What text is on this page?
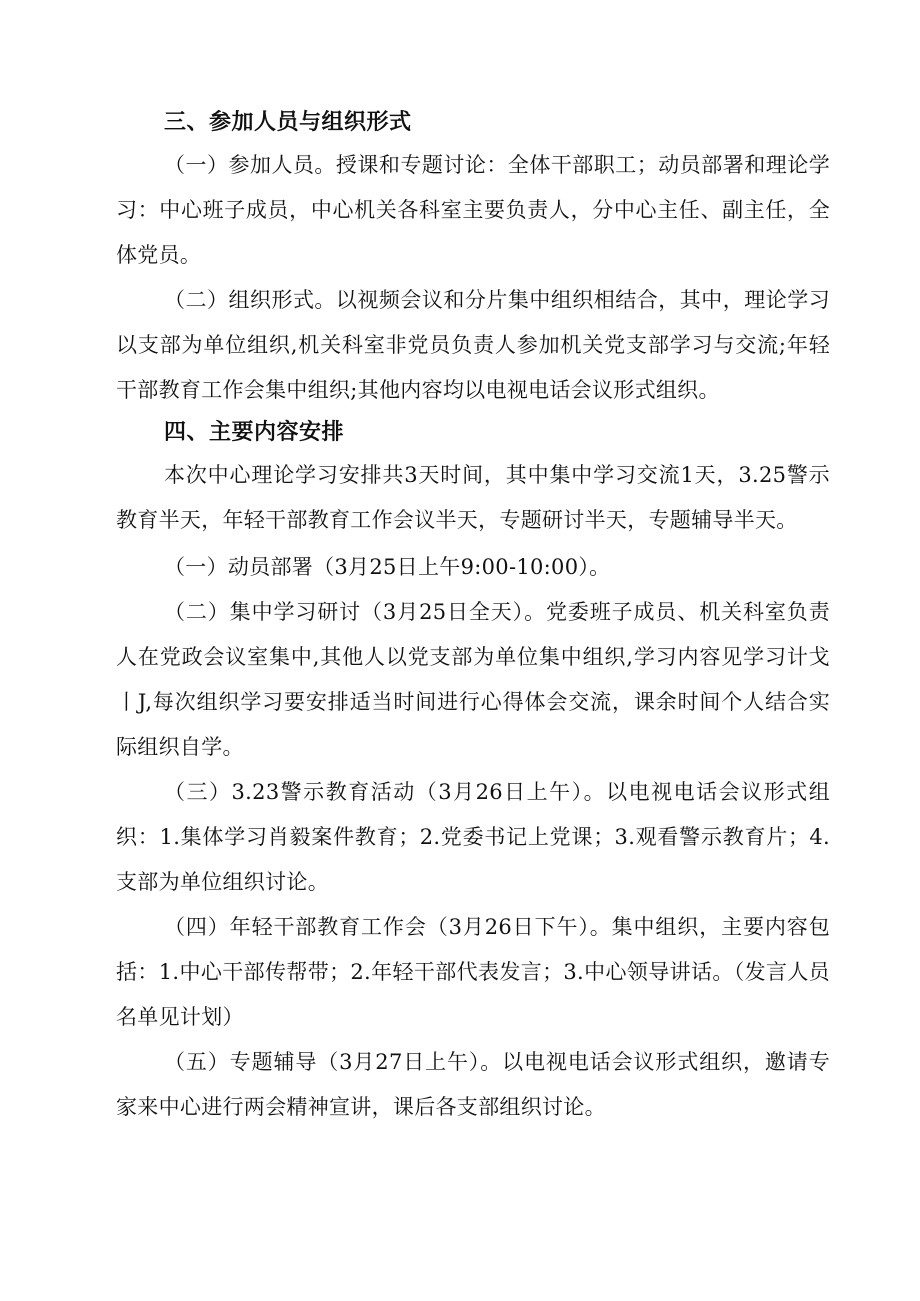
三、参加人员与组织形式

（一）参加人员。授课和专题讨论：全体干部职工；动员部署和理论学习：中心班子成员，中心机关各科室主要负责人，分中心主任、副主任，全体党员。

（二）组织形式。以视频会议和分片集中组织相结合，其中，理论学习以支部为单位组织,机关科室非党员负责人参加机关党支部学习与交流;年轻干部教育工作会集中组织;其他内容均以电视电话会议形式组织。

四、主要内容安排

本次中心理论学习安排共3天时间，其中集中学习交流1天，3.25警示教育半天，年轻干部教育工作会议半天，专题研讨半天，专题辅导半天。

（一）动员部署（3月25日上午9:00-10:00）。

（二）集中学习研讨（3月25日全天）。党委班子成员、机关科室负责人在党政会议室集中,其他人以党支部为单位集中组织,学习内容见学习计戈丨J,每次组织学习要安排适当时间进行心得体会交流，课余时间个人结合实际组织自学。

（三）3.23警示教育活动（3月26日上午）。以电视电话会议形式组织：1.集体学习肖毅案件教育；2.党委书记上党课；3.观看警示教育片；4.支部为单位组织讨论。

（四）年轻干部教育工作会（3月26日下午）。集中组织，主要内容包括：1.中心干部传帮带；2.年轻干部代表发言；3.中心领导讲话。（发言人员名单见计划）

（五）专题辅导（3月27日上午）。以电视电话会议形式组织，邀请专家来中心进行两会精神宣讲，课后各支部组织讨论。
